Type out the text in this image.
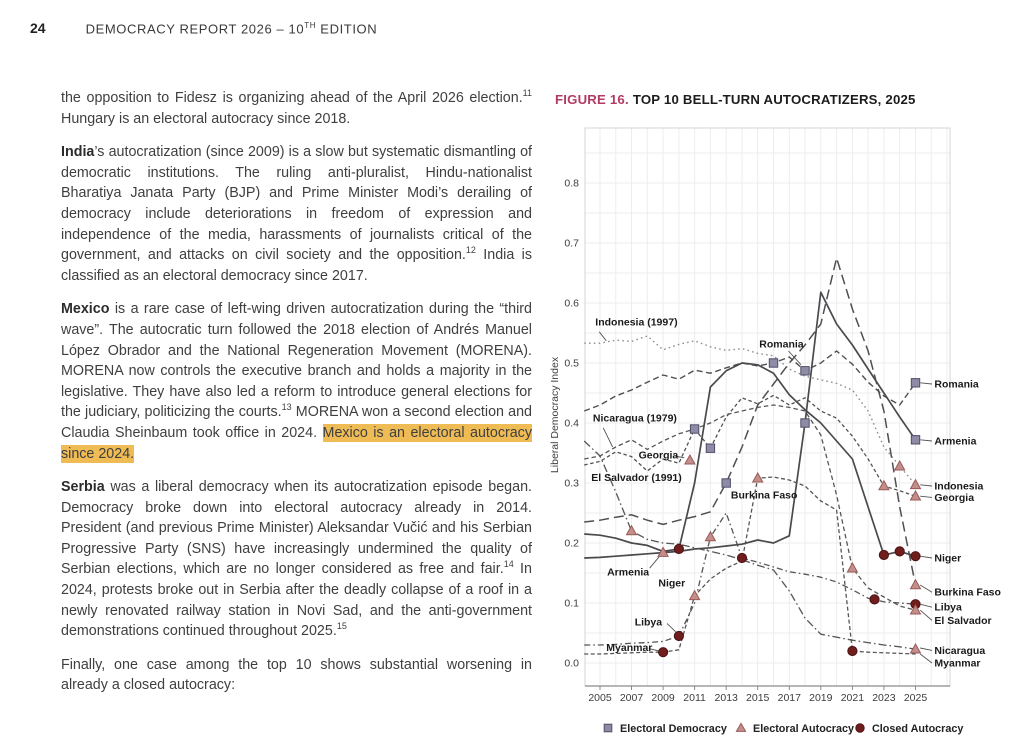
24	DEMOCRACY REPORT 2026 – 10TH EDITION

the opposition to Fidesz is organizing ahead of the April 2026 election.$^{11}$ Hungary is an electoral autocracy since 2018.

India’s autocratization (since 2009) is a slow but systematic dismantling of democratic institutions. The ruling anti-pluralist, Hindu-nationalist Bharatiya Janata Party (BJP) and Prime Minister Modi’s derailing of democracy include deteriorations in freedom of expression and independence of the media, harassments of journalists critical of the government, and attacks on civil society and the opposition.$^{12}$ India is classified as an electoral democracy since 2017.

Mexico is a rare case of left-wing driven autocratization during the “third wave”. The autocratic turn followed the 2018 election of Andrés Manuel López Obrador and the National Regeneration Movement (MORENA). MORENA now controls the executive branch and holds a majority in the legislative. They have also led a reform to introduce general elections for the judiciary, politicizing the courts.$^{13}$ MORENA won a second election and Claudia Sheinbaum took office in 2024. Mexico is an electoral autocracy since 2024.

Serbia was a liberal democracy when its autocratization episode began. Democracy broke down into electoral autocracy already in 2014. President (and previous Prime Minister) Aleksandar Vučić and his Serbian Progressive Party (SNS) have increasingly undermined the quality of Serbian elections, which are no longer considered as free and fair.$^{14}$ In 2024, protests broke out in Serbia after the deadly collapse of a roof in a newly renovated railway station in Novi Sad, and the anti-government demonstrations continued throughout 2025.15

Finally, one case among the top 10 shows substantial worsening in already a closed autocracy:

FIGURE 16. TOP 10 BELL-TURN AUTOCRATIZERS, 2025
2005 2007 2009 2011 2013 2015 2017 2019 2021 2023 2025
0.0
0.1
0.2
0.3
0.4
0.5
0.6
0.7
0.8
Liberal Democracy Index
Indonesia (1997)
Nicaragua (1979)
Georgia
El Salvador (1991)
Romania
Burkina Faso
Armenia
Niger
Libya
Myanmar
Romania
Armenia
Indonesia
Georgia
Niger
Burkina Faso
Libya
El Salvador
Nicaragua
Myanmar
Electoral Democracy Electoral Autocracy Closed Autocracy
